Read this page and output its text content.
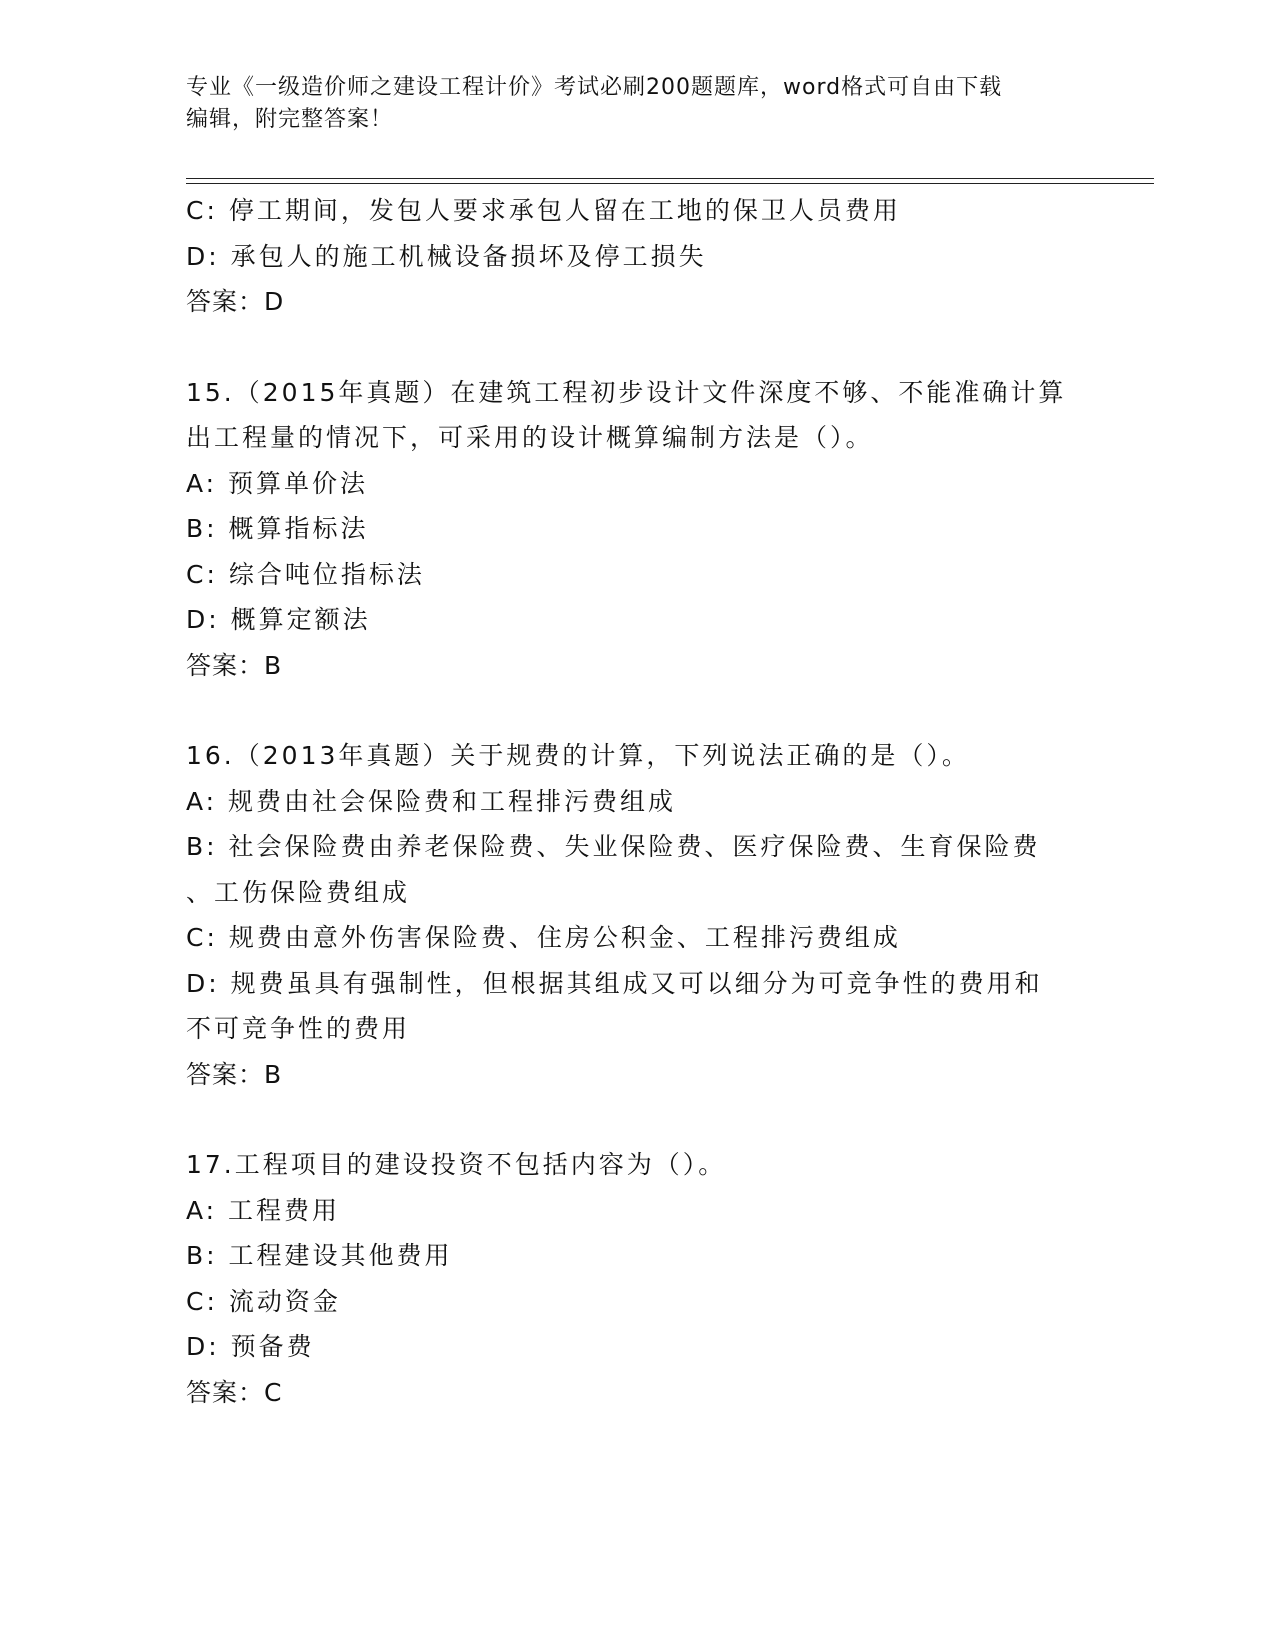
专业《一级造价师之建设工程计价》考试必刷200题题库，word格式可自由下载
编辑，附完整答案！
C: 停工期间，发包人要求承包人留在工地的保卫人员费用
D: 承包人的施工机械设备损坏及停工损失
答案：D
15.（2015年真题）在建筑工程初步设计文件深度不够、不能准确计算
出工程量的情况下，可采用的设计概算编制方法是（）。
A: 预算单价法
B: 概算指标法
C: 综合吨位指标法
D: 概算定额法
答案：B
16.（2013年真题）关于规费的计算，下列说法正确的是（）。
A: 规费由社会保险费和工程排污费组成
B: 社会保险费由养老保险费、失业保险费、医疗保险费、生育保险费
、工伤保险费组成
C: 规费由意外伤害保险费、住房公积金、工程排污费组成
D: 规费虽具有强制性，但根据其组成又可以细分为可竞争性的费用和
不可竞争性的费用
答案：B
17.工程项目的建设投资不包括内容为（）。
A: 工程费用
B: 工程建设其他费用
C: 流动资金
D: 预备费
答案：C
